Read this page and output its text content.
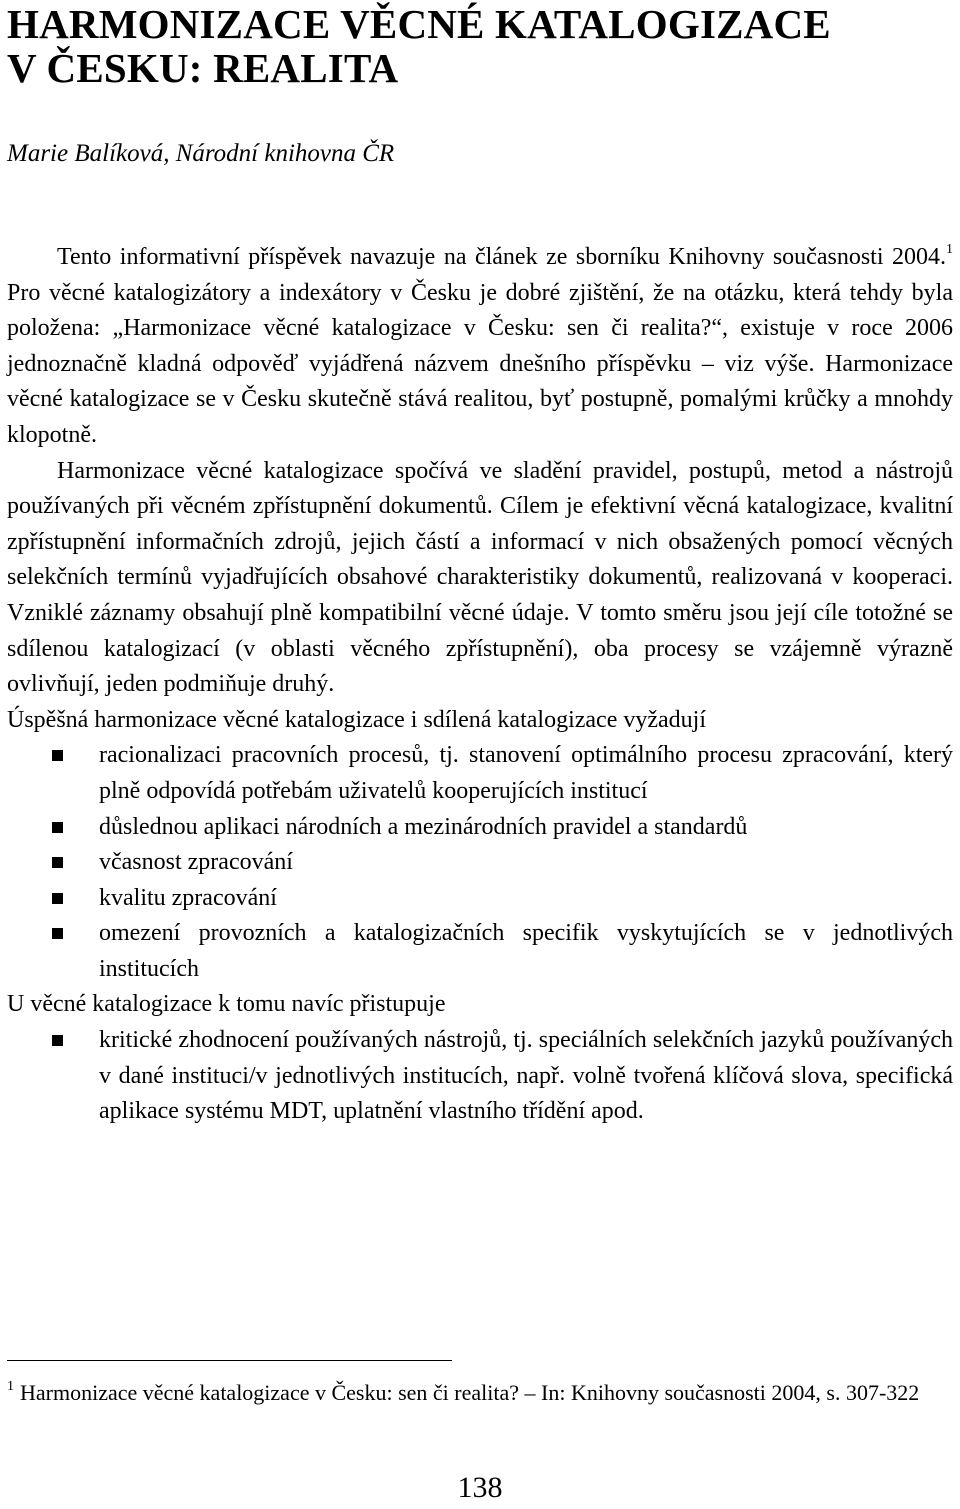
HARMONIZACE VĚCNÉ KATALOGIZACE
V ČESKU: REALITA

Marie Balíková, Národní knihovna ČR

Tento informativní příspěvek navazuje na článek ze sborníku Knihovny současnosti 2004.$^1$ Pro věcné katalogizátory a indexátory v Česku je dobré zjištění, že na otázku, která tehdy byla položena: „Harmonizace věcné katalogizace v Česku: sen či realita?“, existuje v roce 2006 jednoznačně kladná odpověď vyjádřená názvem dnešního příspěvku – viz výše. Harmonizace věcné katalogizace se v Česku skutečně stává realitou, byť postupně, pomalými krůčky a mnohdy klopotně.

Harmonizace věcné katalogizace spočívá ve sladění pravidel, postupů, metod a nástrojů používaných při věcném zpřístupnění dokumentů. Cílem je efektivní věcná katalogizace, kvalitní zpřístupnění informačních zdrojů, jejich částí a informací v nich obsažených pomocí věcných selekčních termínů vyjadřujících obsahové charakteristiky dokumentů, realizovaná v kooperaci. Vzniklé záznamy obsahují plně kompatibilní věcné údaje. V tomto směru jsou její cíle totožné se sdílenou katalogizací (v oblasti věcného zpřístupnění), oba procesy se vzájemně výrazně ovlivňují, jeden podmiňuje druhý.

Úspěšná harmonizace věcné katalogizace i sdílená katalogizace vyžadují

racionalizaci pracovních procesů, tj. stanovení optimálního procesu zpracování, který plně odpovídá potřebám uživatelů kooperujících institucí
důslednou aplikaci národních a mezinárodních pravidel a standardů
včasnost zpracování
kvalitu zpracování
omezení provozních a katalogizačních specifik vyskytujících se v jednotlivých institucích

U věcné katalogizace k tomu navíc přistupuje

kritické zhodnocení používaných nástrojů, tj. speciálních selekčních jazyků používaných v dané instituci/v jednotlivých institucích, např. volně tvořená klíčová slova, specifická aplikace systému MDT, uplatnění vlastního třídění apod.
$^1$ Harmonizace věcné katalogizace v Česku: sen či realita? – In: Knihovny současnosti 2004, s. 307-322
138
